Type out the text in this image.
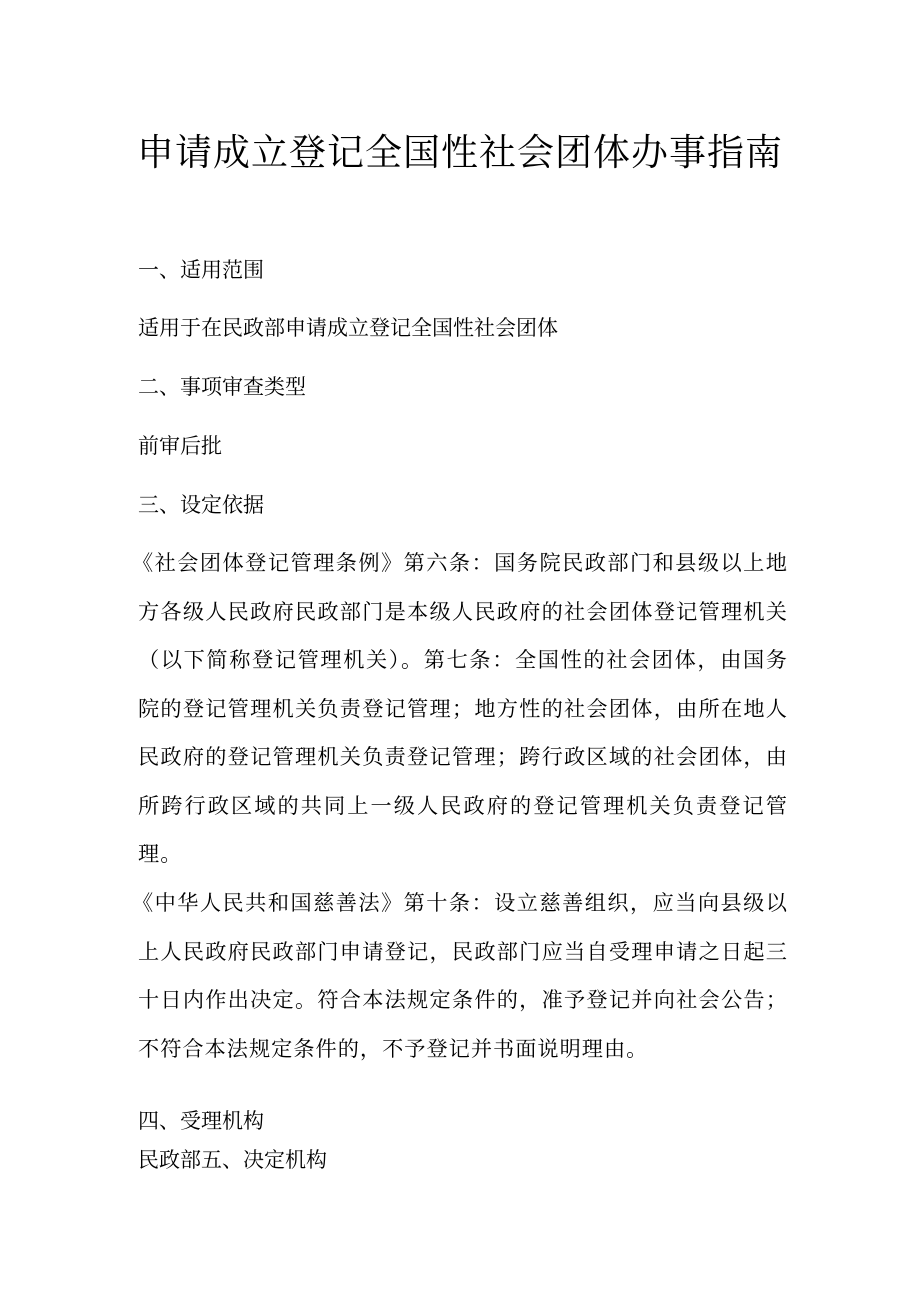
申请成立登记全国性社会团体办事指南

一、适用范围

适用于在民政部申请成立登记全国性社会团体

二、事项审查类型

前审后批

三、设定依据

《社会团体登记管理条例》第六条：国务院民政部门和县级以上地方各级人民政府民政部门是本级人民政府的社会团体登记管理机关（以下简称登记管理机关）。第七条：全国性的社会团体，由国务院的登记管理机关负责登记管理；地方性的社会团体，由所在地人民政府的登记管理机关负责登记管理；跨行政区域的社会团体，由所跨行政区域的共同上一级人民政府的登记管理机关负责登记管理。

《中华人民共和国慈善法》第十条：设立慈善组织，应当向县级以上人民政府民政部门申请登记，民政部门应当自受理申请之日起三十日内作出决定。符合本法规定条件的，准予登记并向社会公告；不符合本法规定条件的，不予登记并书面说明理由。

四、受理机构

民政部五、决定机构
